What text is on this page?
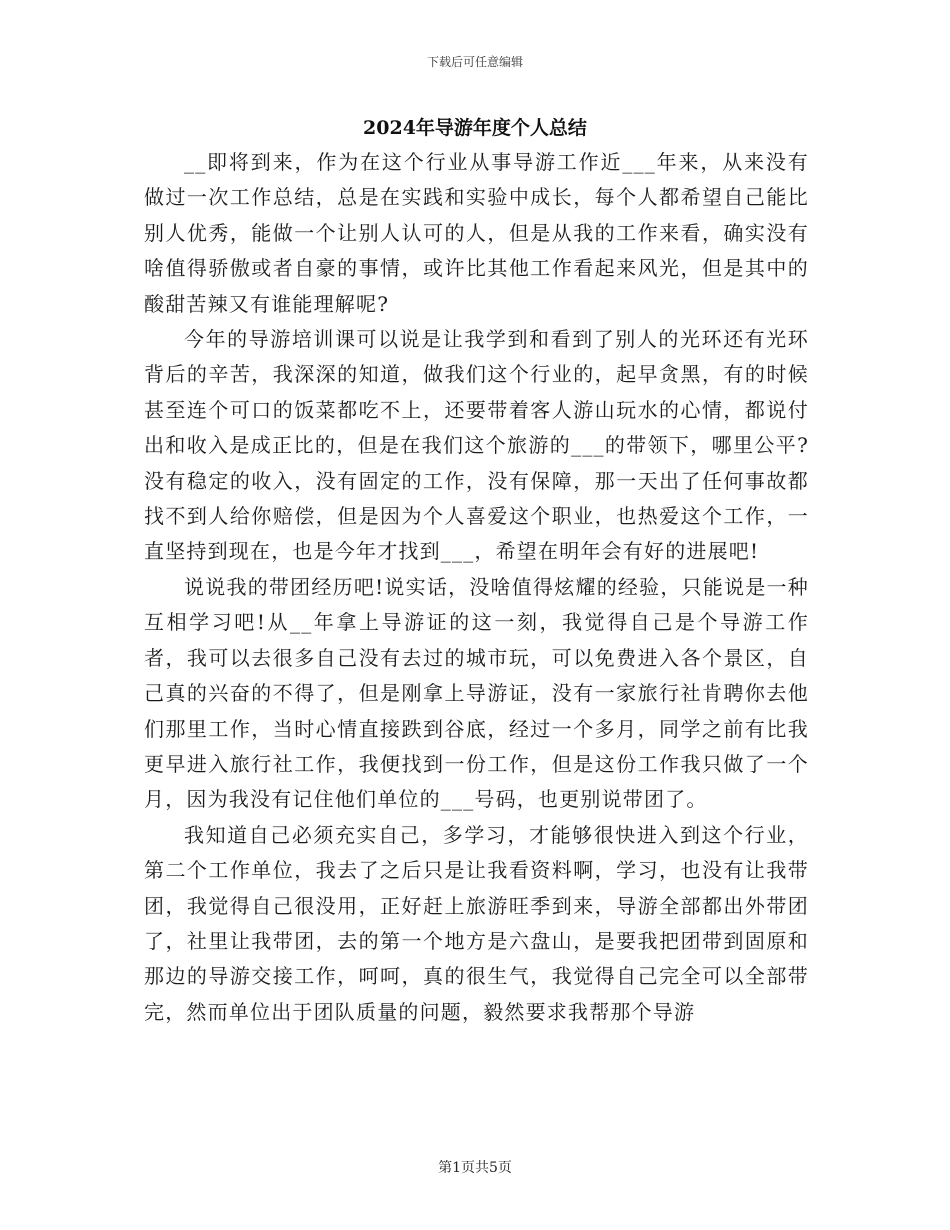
下载后可任意编辑
2024年导游年度个人总结

__即将到来，作为在这个行业从事导游工作近___年来，从来没有做过一次工作总结，总是在实践和实验中成长，每个人都希望自己能比别人优秀，能做一个让别人认可的人，但是从我的工作来看，确实没有啥值得骄傲或者自豪的事情，或许比其他工作看起来风光，但是其中的酸甜苦辣又有谁能理解呢?

今年的导游培训课可以说是让我学到和看到了别人的光环还有光环背后的辛苦，我深深的知道，做我们这个行业的，起早贪黑，有的时候甚至连个可口的饭菜都吃不上，还要带着客人游山玩水的心情，都说付出和收入是成正比的，但是在我们这个旅游的___的带领下，哪里公平?没有稳定的收入，没有固定的工作，没有保障，那一天出了任何事故都找不到人给你赔偿，但是因为个人喜爱这个职业，也热爱这个工作，一直坚持到现在，也是今年才找到___，希望在明年会有好的进展吧!

说说我的带团经历吧!说实话，没啥值得炫耀的经验，只能说是一种互相学习吧!从__年拿上导游证的这一刻，我觉得自己是个导游工作者，我可以去很多自己没有去过的城市玩，可以免费进入各个景区，自己真的兴奋的不得了，但是刚拿上导游证，没有一家旅行社肯聘你去他们那里工作，当时心情直接跌到谷底，经过一个多月，同学之前有比我更早进入旅行社工作，我便找到一份工作，但是这份工作我只做了一个月，因为我没有记住他们单位的___号码，也更别说带团了。

我知道自己必须充实自己，多学习，才能够很快进入到这个行业，第二个工作单位，我去了之后只是让我看资料啊，学习，也没有让我带团，我觉得自己很没用，正好赶上旅游旺季到来，导游全部都出外带团了，社里让我带团，去的第一个地方是六盘山，是要我把团带到固原和那边的导游交接工作，呵呵，真的很生气，我觉得自己完全可以全部带完，然而单位出于团队质量的问题，毅然要求我帮那个导游

第1页共5页
